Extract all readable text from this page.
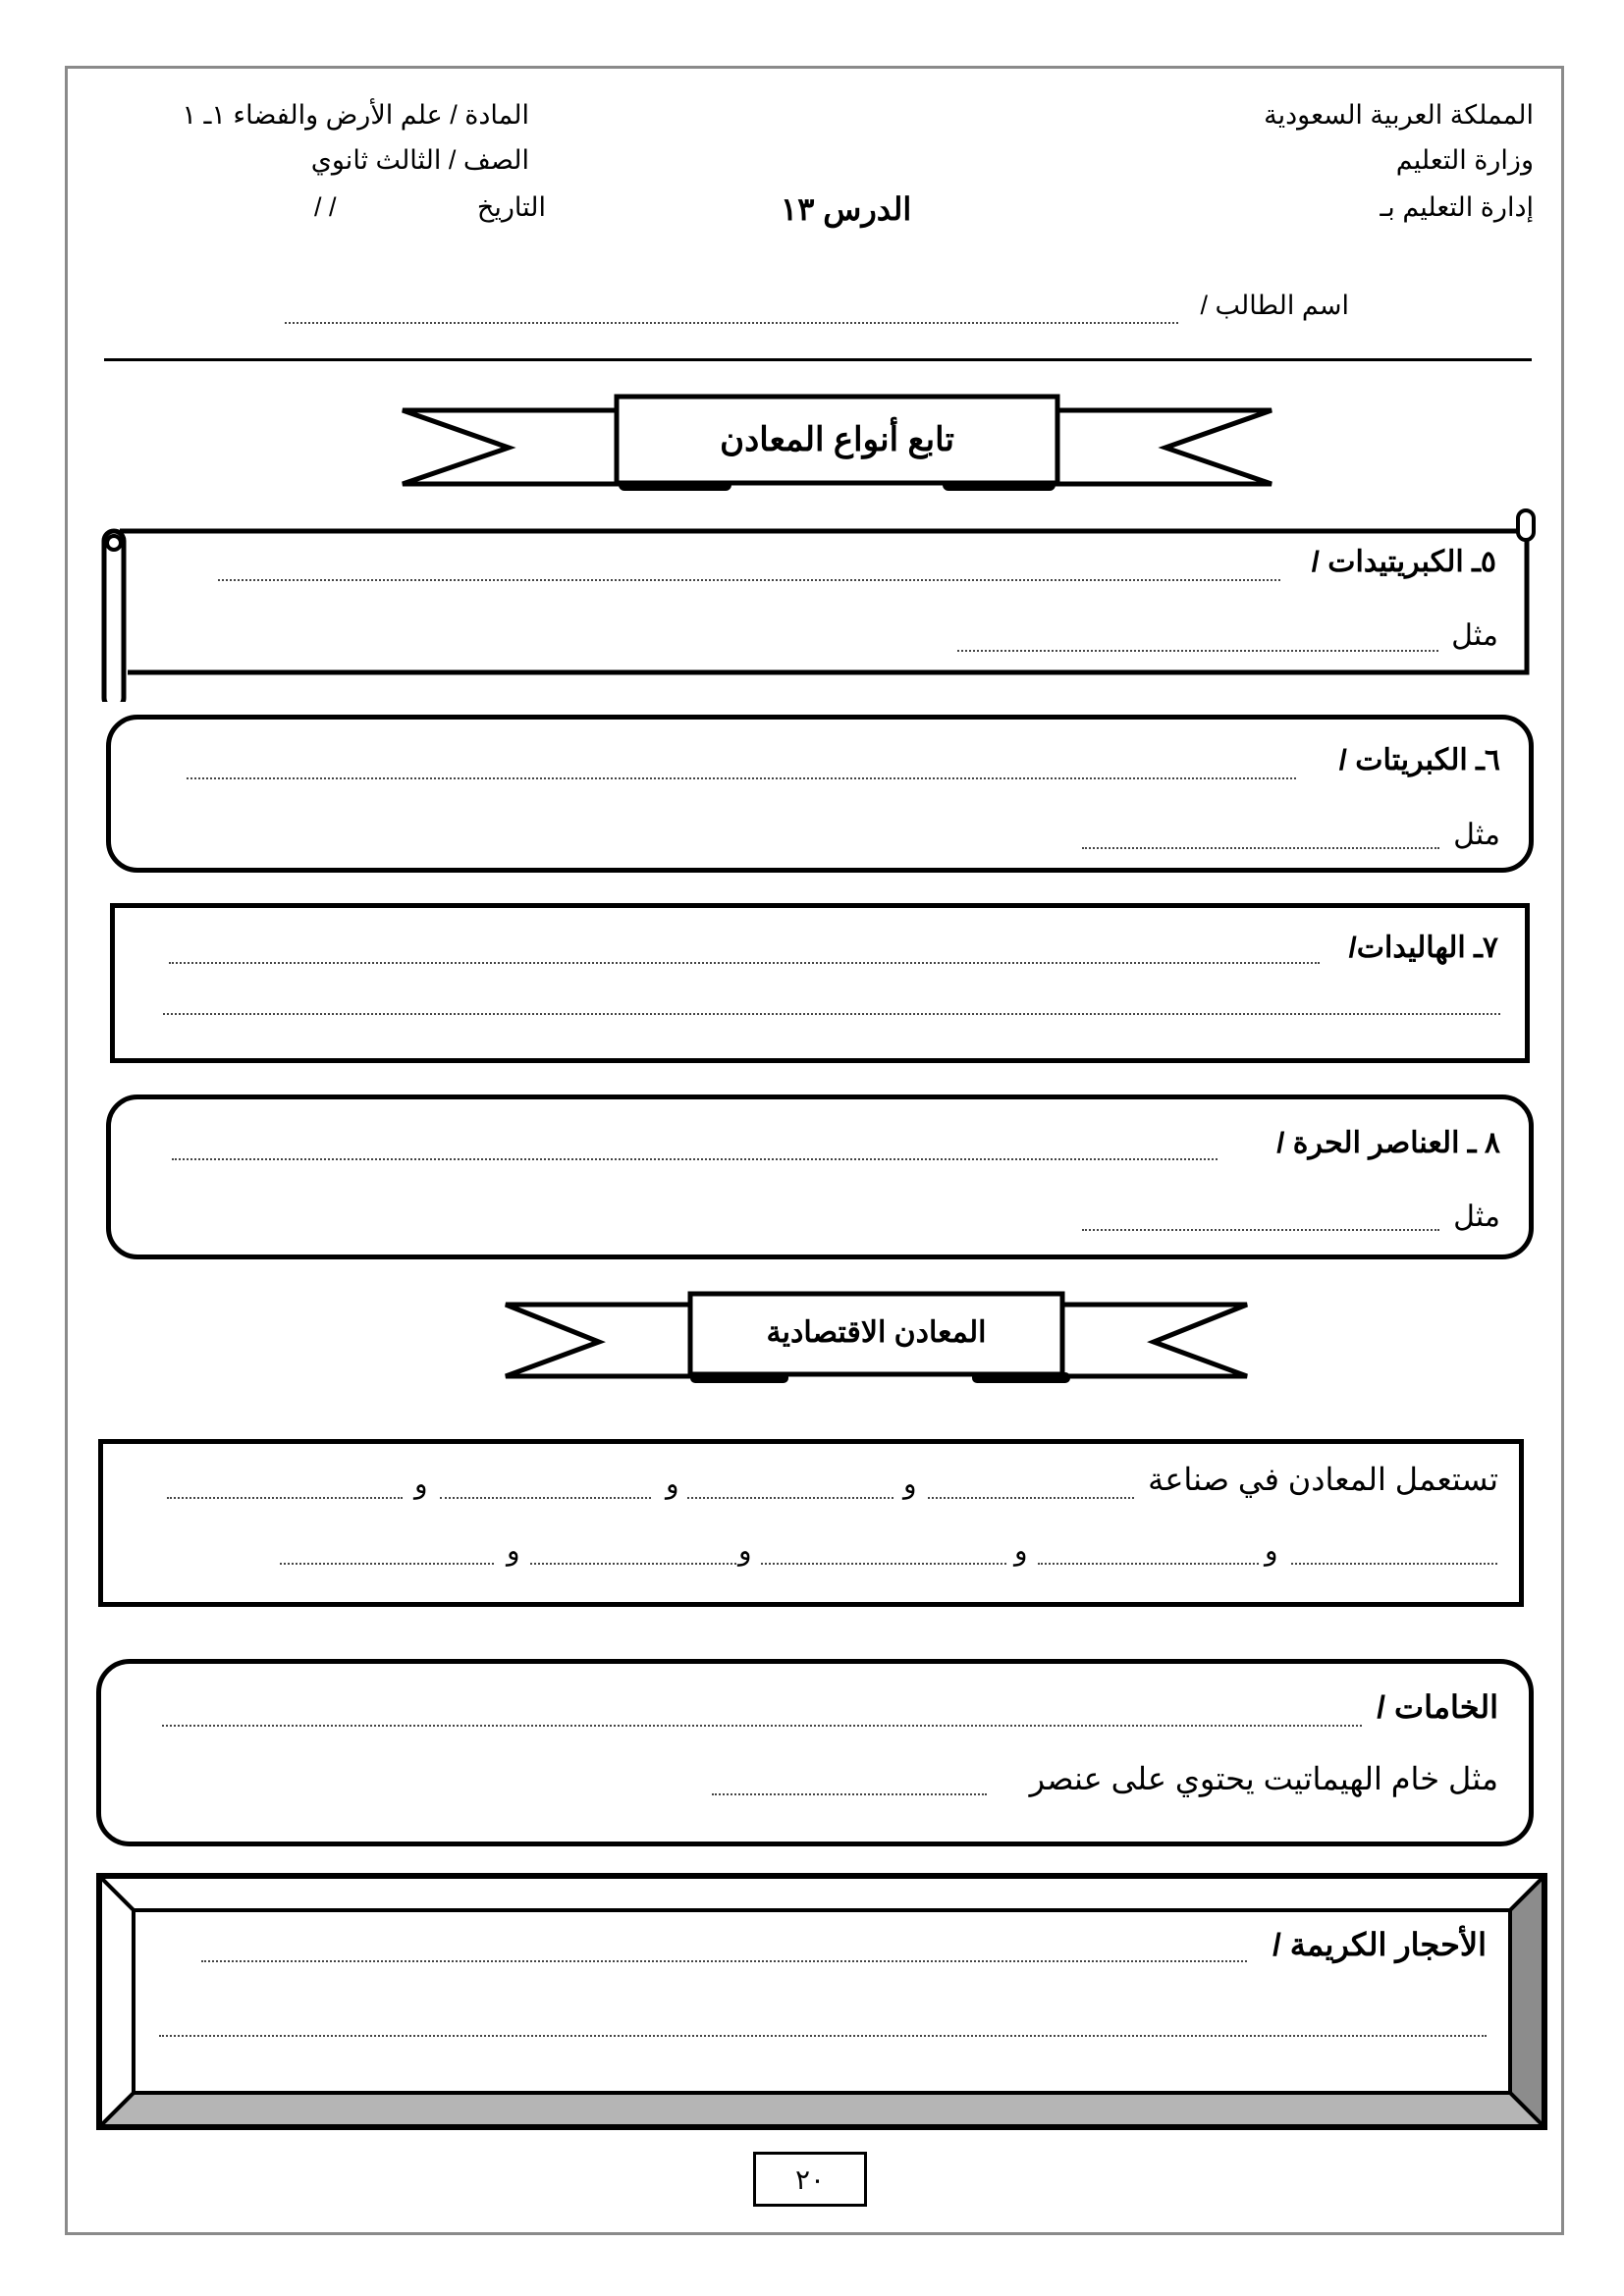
المملكة العربية السعودية
وزارة التعليم
إدارة التعليم بـ
المادة / علم الأرض والفضاء ١ـ ١
الصف / الثالث ثانوي
التاريخ
/ /	الدرس ١٣
اسم الطالب /
تابع أنواع المعادن
٥ـ الكبريتيدات /
مثل
٦ـ الكبريتات /
مثل
٧ـ الهاليدات/
٨ ـ العناصر الحرة /
مثل
المعادن الاقتصادية
تستعمل المعادن في صناعة
و	و	و
و	و	و	و
الخامات /
مثل خام الهيماتيت يحتوي على عنصر
الأحجار الكريمة /
٢٠
